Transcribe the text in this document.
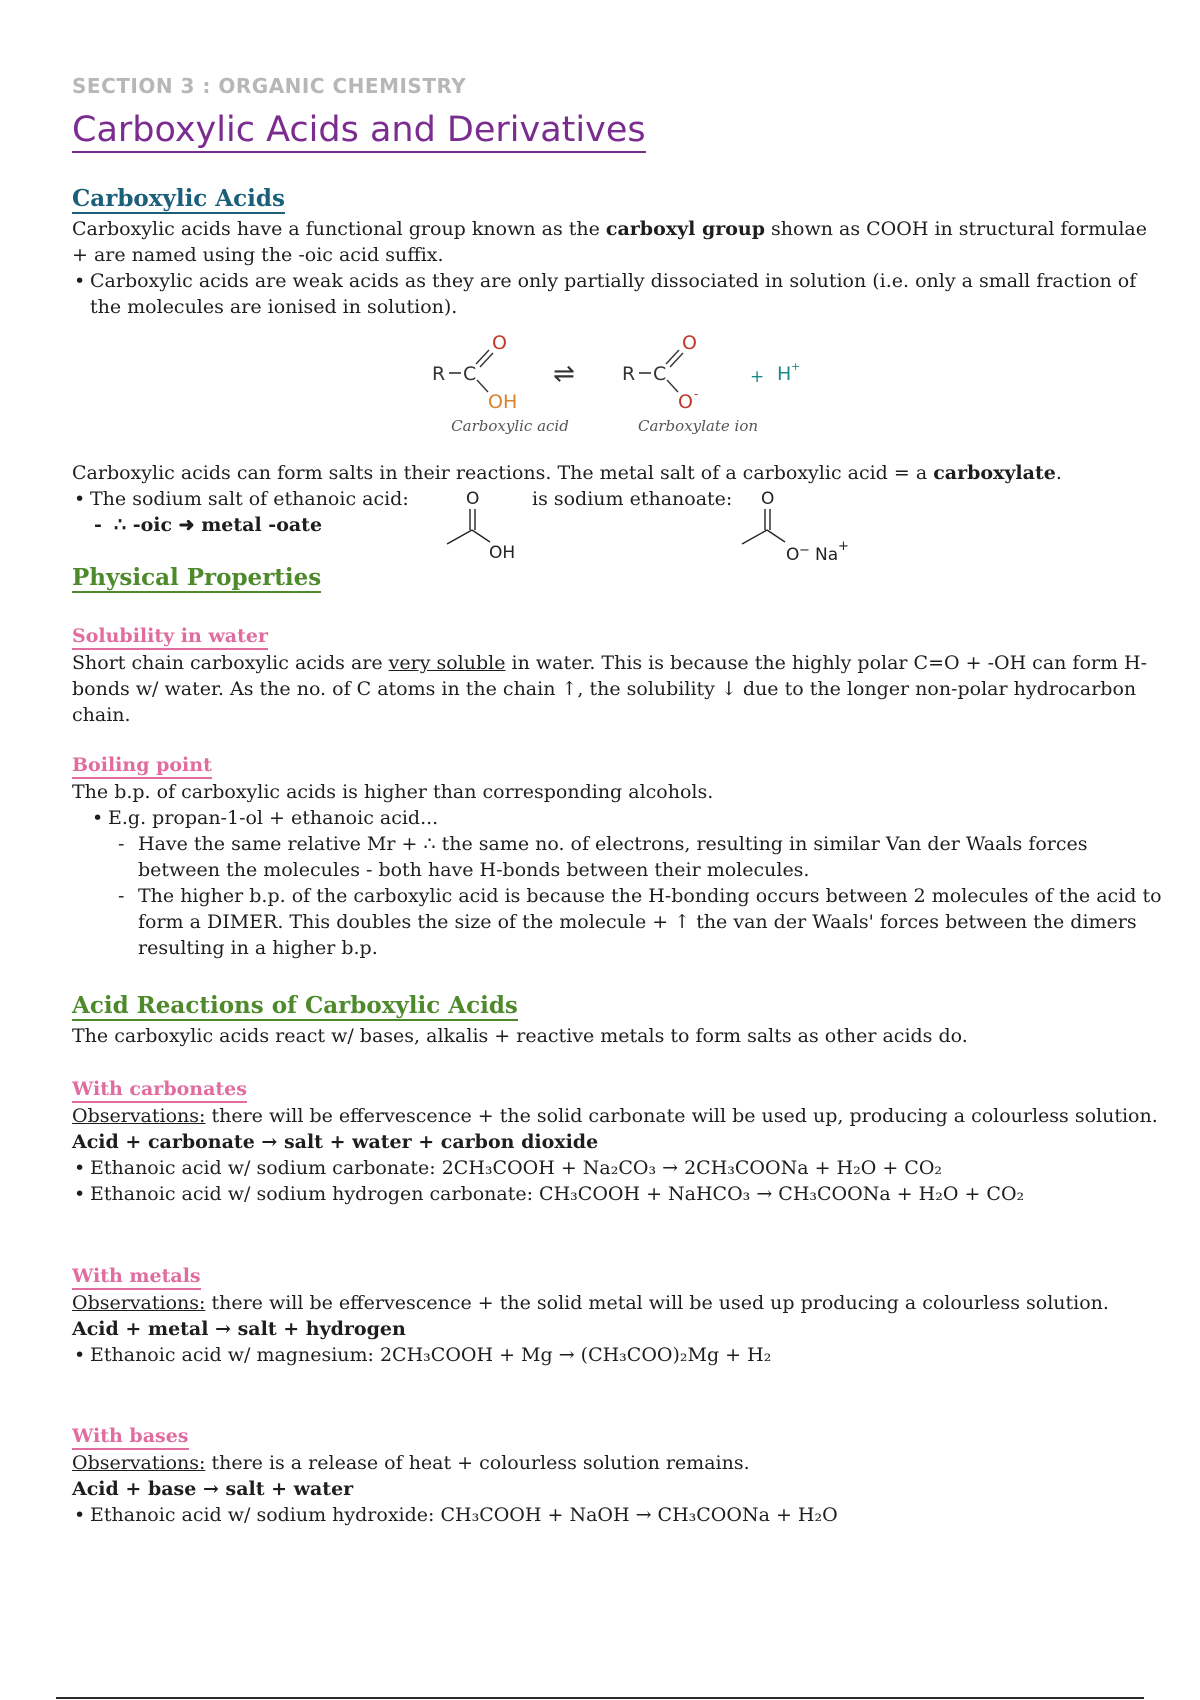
SECTION 3 : ORGANIC CHEMISTRY
Carboxylic Acids and Derivatives
Carboxylic Acids

Carboxylic acids have a functional group known as the carboxyl group shown as COOH in structural formulae + are named using the -oic acid suffix.

• Carboxylic acids are weak acids as they are only partially dissociated in solution (i.e. only a small fraction of the molecules are ionised in solution).
R C
O
OH
⇌ R C
O
O -
+ H +
Carboxylic acid	Carboxylate ion

Carboxylic acids can form salts in their reactions. The metal salt of a carboxylic acid = a carboxylate.

• The sodium salt of ethanoic acid:	is sodium ethanoate:
- ∴ -oic ➜ metal -oate
O
OH
O
O − Na +
Physical Properties
Solubility in water

Short chain carboxylic acids are very soluble in water. This is because the highly polar C=O + -OH can form H-bonds w/ water. As the no. of C atoms in the chain ↑, the solubility ↓ due to the longer non-polar hydrocarbon chain.

Boiling point

The b.p. of carboxylic acids is higher than corresponding alcohols.

• E.g. propan-1-ol + ethanoic acid...
- Have the same relative Mr + ∴ the same no. of electrons, resulting in similar Van der Waals forces between the molecules - both have H-bonds between their molecules.
- The higher b.p. of the carboxylic acid is because the H-bonding occurs between 2 molecules of the acid to form a DIMER. This doubles the size of the molecule + ↑ the van der Waals' forces between the dimers resulting in a higher b.p.
Acid Reactions of Carboxylic Acids

The carboxylic acids react w/ bases, alkalis + reactive metals to form salts as other acids do.

With carbonates

Observations: there will be effervescence + the solid carbonate will be used up, producing a colourless solution.

Acid + carbonate → salt + water + carbon dioxide
• Ethanoic acid w/ sodium carbonate: 2CH₃COOH + Na₂CO₃ → 2CH₃COONa + H₂O + CO₂
• Ethanoic acid w/ sodium hydrogen carbonate: CH₃COOH + NaHCO₃ → CH₃COONa + H₂O + CO₂
With metals

Observations: there will be effervescence + the solid metal will be used up producing a colourless solution.

Acid + metal → salt + hydrogen
• Ethanoic acid w/ magnesium: 2CH₃COOH + Mg → (CH₃COO)₂Mg + H₂
With bases

Observations: there is a release of heat + colourless solution remains.

Acid + base → salt + water
• Ethanoic acid w/ sodium hydroxide: CH₃COOH + NaOH → CH₃COONa + H₂O
